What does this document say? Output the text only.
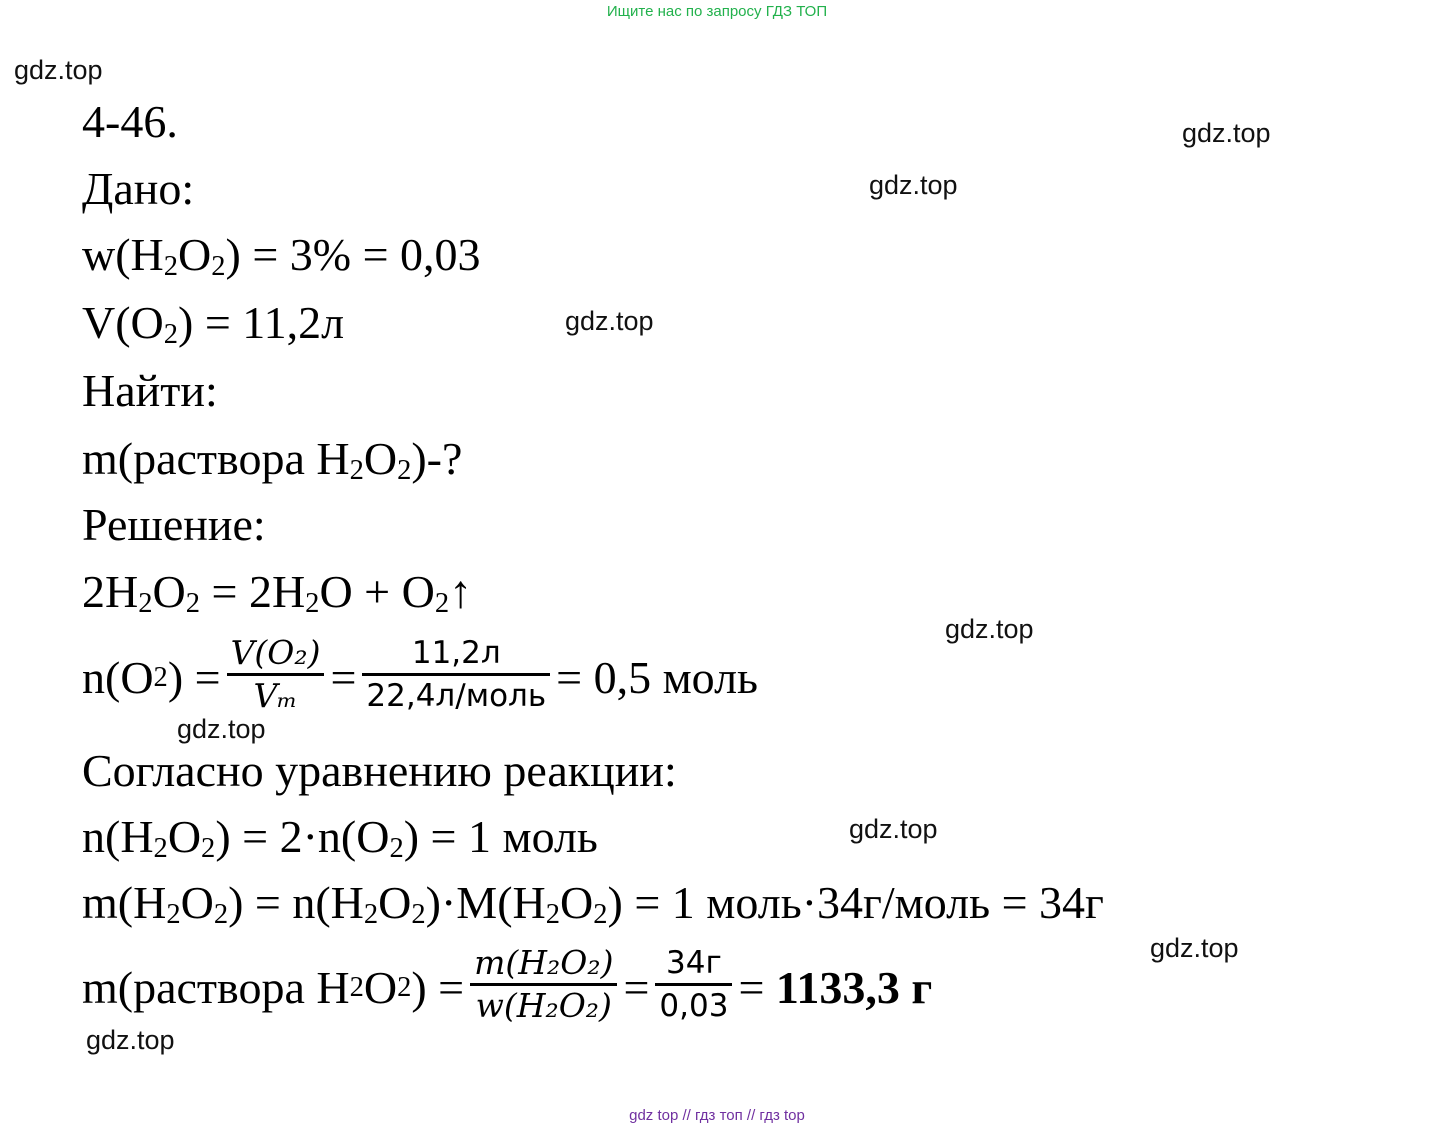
Ищите нас по запросу ГДЗ ТОП
gdz.top
gdz.top
gdz.top
gdz.top
gdz.top
gdz.top
gdz.top
gdz.top
gdz.top
4-46.
Дано:
$w(H_2O_2) = 3\% = 0,03$
$V(O_2) = 11,2л$
Найти:
m(раствора $H_2O_2)-$?
Решение:
$2H_2O_2 = 2H_2O$ + $O_2↑$
n(O 2 ) = $\frac{\text{V(O₂)}}{\text{Vₘ}} = \frac{11,2л}{\text{22,4л/моль}} = 0,5$ моль
Согласно уравнению реакции:
$n(H_2O_2) = 2\cdot n(O_2) = 1$ моль
$m(H_2O_2) = n(H_2O_2)\cdot M(H_2O_2) = 1$ моль·34г/моль = 34г
m(раствора H 2 O 2 ) = $\frac{\text{m(H₂O₂)}}{\text{w(H₂O₂)}} = \frac{34г}{0,03}$ =
1133,3 г
gdz top // гдз топ // гдз top
